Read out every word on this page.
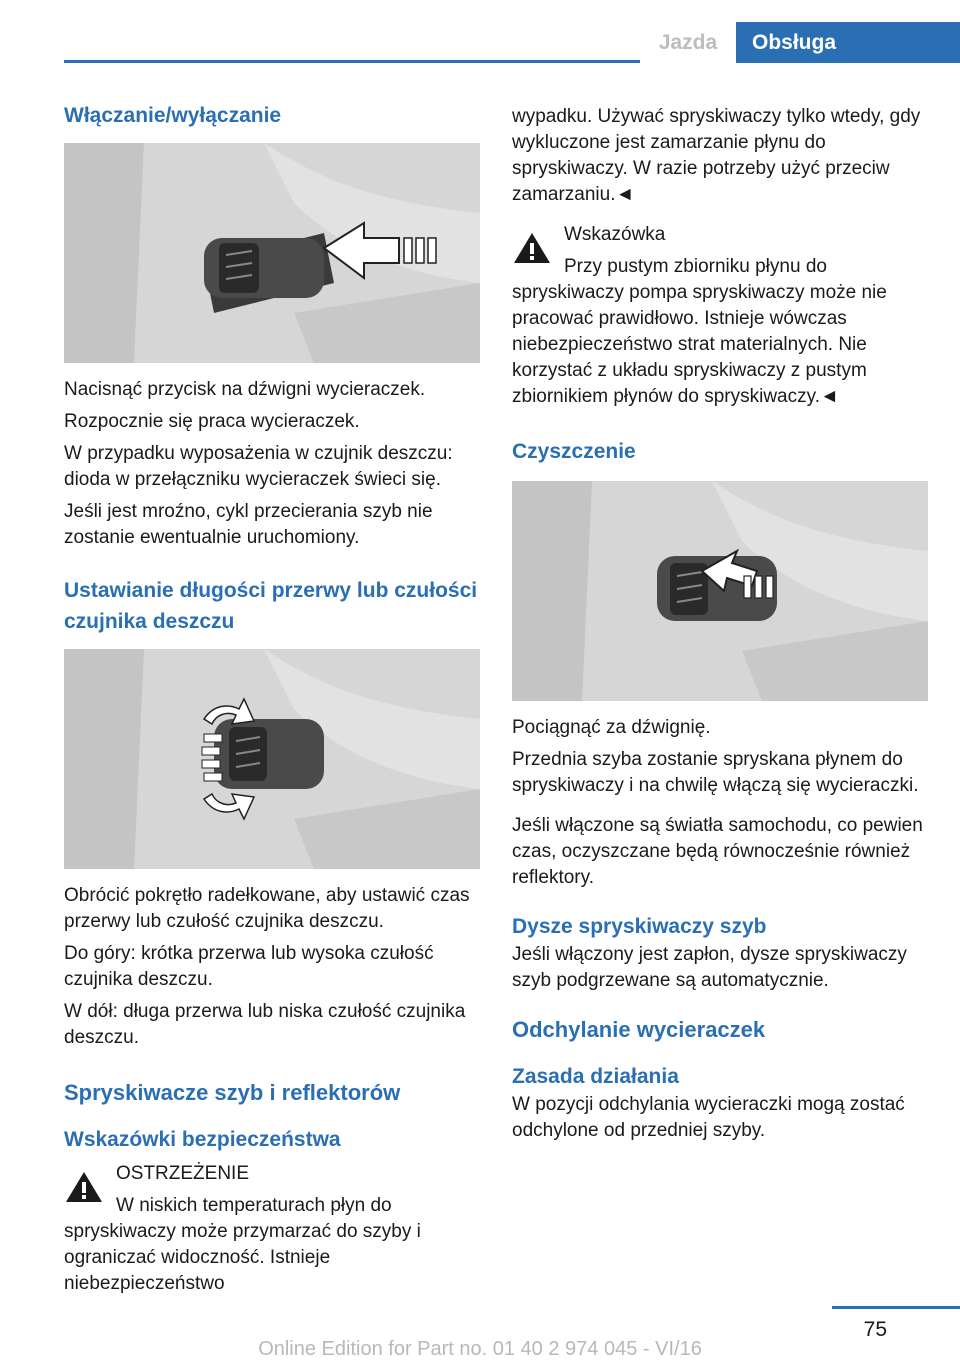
Jazda	Obsługa
Włączanie/wyłączanie

Nacisnąć przycisk na dźwigni wycieraczek.

Rozpocznie się praca wycieraczek.

W przypadku wyposażenia w czujnik deszczu: dioda w przełączniku wycieraczek świeci się.

Jeśli jest mroźno, cykl przecierania szyb nie zostanie ewentualnie uruchomiony.

Ustawianie długości przerwy lub czułości czujnika deszczu

Obrócić pokrętło radełkowane, aby ustawić czas przerwy lub czułość czujnika deszczu.

Do góry: krótka przerwa lub wysoka czułość czujnika deszczu.

W dół: długa przerwa lub niska czułość czujnika deszczu.

Spryskiwacze szyb i reflektorów
Wskazówki bezpieczeństwa
OSTRZEŻENIE

W niskich temperaturach płyn do spryskiwaczy może przymarzać do szyby i ograniczać widoczność. Istnieje niebezpieczeństwo

wypadku. Używać spryskiwaczy tylko wtedy, gdy wykluczone jest zamarzanie płynu do spryskiwaczy. W razie potrzeby użyć przeciw zamarzaniu.◄

Wskazówka

Przy pustym zbiorniku płynu do spryskiwaczy pompa spryskiwaczy może nie pracować prawidłowo. Istnieje wówczas niebezpieczeństwo strat materialnych. Nie korzystać z układu spryskiwaczy z pustym zbiornikiem płynów do spryskiwaczy.◄

Czyszczenie

Pociągnąć za dźwignię.

Przednia szyba zostanie spryskana płynem do spryskiwaczy i na chwilę włączą się wycieraczki.

Jeśli włączone są światła samochodu, co pewien czas, oczyszczane będą równocześnie również reflektory.

Dysze spryskiwaczy szyb

Jeśli włączony jest zapłon, dysze spryskiwaczy szyb podgrzewane są automatycznie.

Odchylanie wycieraczek
Zasada działania

W pozycji odchylania wycieraczki mogą zostać odchylone od przedniej szyby.

75
Online Edition for Part no. 01 40 2 974 045 - VI/16
